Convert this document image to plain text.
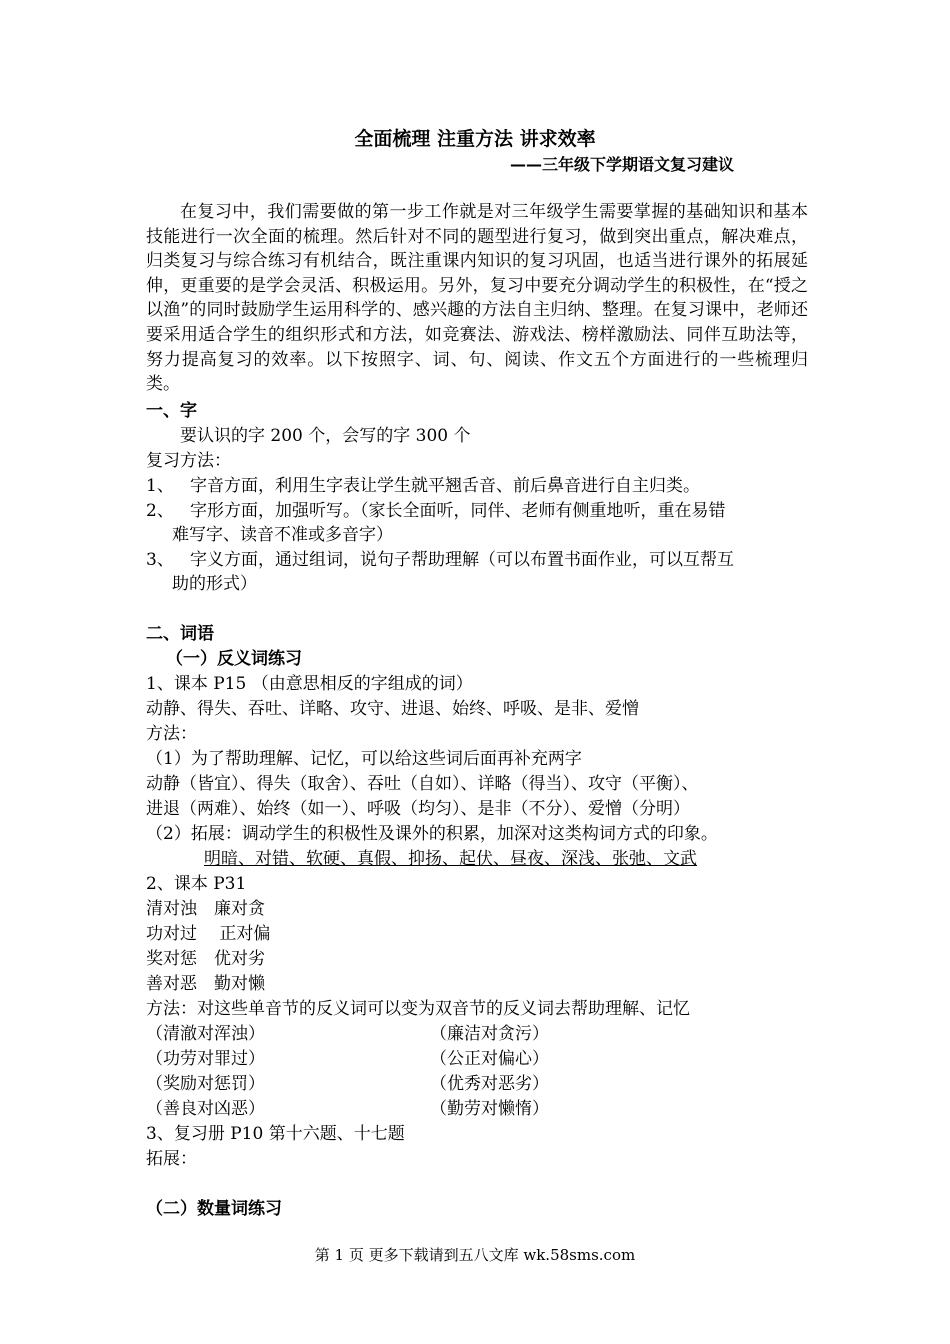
全面梳理 注重方法 讲求效率
——三年级下学期语文复习建议
在复习中，我们需要做的第一步工作就是对三年级学生需要掌握的基础知识和基本技能进行一次全面的梳理。然后针对不同的题型进行复习，做到突出重点，解决难点，归类复习与综合练习有机结合，既注重课内知识的复习巩固，也适当进行课外的拓展延伸，更重要的是学会灵活、积极运用。另外，复习中要充分调动学生的积极性，在“授之以渔”的同时鼓励学生运用科学的、感兴趣的方法自主归纳、整理。在复习课中，老师还要采用适合学生的组织形式和方法，如竞赛法、游戏法、榜样激励法、同伴互助法等，努力提高复习的效率。以下按照字、词、句、阅读、作文五个方面进行的一些梳理归类。
一、字
要认识的字 200 个，会写的字 300 个
复习方法：
1、 字音方面，利用生字表让学生就平翘舌音、前后鼻音进行自主归类。
2、 字形方面，加强听写。（家长全面听，同伴、老师有侧重地听，重在易错
难写字、读音不准或多音字）
3、 字义方面，通过组词，说句子帮助理解（可以布置书面作业，可以互帮互
助的形式）
二、词语
（一）反义词练习
1、课本 P15 （由意思相反的字组成的词）
动静、得失、吞吐、详略、攻守、进退、始终、呼吸、是非、爱憎
方法：
（1）为了帮助理解、记忆，可以给这些词后面再补充两字
动静（皆宜）、得失（取舍）、吞吐（自如）、详略（得当）、攻守（平衡）、
进退（两难）、始终（如一）、呼吸（均匀）、是非（不分）、爱憎（分明）
（2）拓展：调动学生的积极性及课外的积累，加深对这类构词方式的印象。
明暗、对错、软硬、真假、抑扬、起伏、昼夜、深浅、张弛、文武
2、课本 P31
清对浊　廉对贪
功对过　 正对偏
奖对惩　优对劣
善对恶　勤对懒
方法：对这些单音节的反义词可以变为双音节的反义词去帮助理解、记忆
（清澈对浑浊）	（廉洁对贪污）
（功劳对罪过）	（公正对偏心）
（奖励对惩罚）	（优秀对恶劣）
（善良对凶恶）	（勤劳对懒惰）
3、复习册 P10 第十六题、十七题
拓展：
（二）数量词练习
第 1 页 更多下载请到五八文库 wk.58sms.com
